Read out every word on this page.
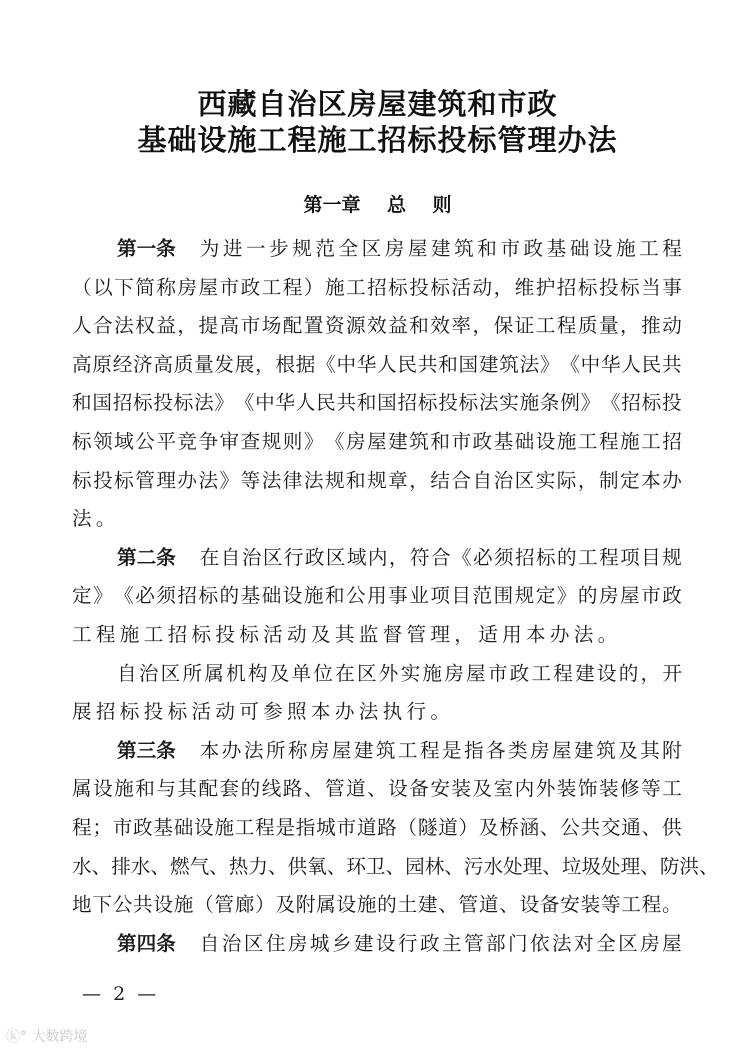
西藏自治区房屋建筑和市政
基础设施工程施工招标投标管理办法
第一章    总    则
第一条 为 进 一 步 规 范 全 区 房 屋 建 筑 和 市 政 基 础 设 施 工 程
（ 以 下 简 称 房 屋 市 政 工 程 ） 施 工 招 标 投 标 活 动 ， 维 护 招 标 投 标 当 事
人 合 法 权 益 ， 提 高 市 场 配 置 资 源 效 益 和 效 率 ， 保 证 工 程 质 量 ， 推 动
高 原 经 济 高 质 量 发 展 ， 根 据 《 中 华 人 民 共 和 国 建 筑 法 》 《 中 华 人 民 共
和 国 招 标 投 标 法 》 《 中 华 人 民 共 和 国 招 标 投 标 法 实 施 条 例 》 《 招 标 投
标 领 域 公 平 竞 争 审 查 规 则 》 《 房 屋 建 筑 和 市 政 基 础 设 施 工 程 施 工 招
标 投 标 管 理 办 法 》 等 法 律 法 规 和 规 章 ， 结 合 自 治 区 实 际 ， 制 定 本 办
法。
第二条 在 自 治 区 行 政 区 域 内 ， 符 合 《 必 须 招 标 的 工 程 项 目 规
定 》 《 必 须 招 标 的 基 础 设 施 和 公 用 事 业 项 目 范 围 规 定 》 的 房 屋 市 政
工程施工招标投标活动及其监督管理，适用本办法。
自 治 区 所 属 机 构 及 单 位 在 区 外 实 施 房 屋 市 政 工 程 建 设 的 ， 开
展招标投标活动可参照本办法执行。
第三条 本 办 法 所 称 房 屋 建 筑 工 程 是 指 各 类 房 屋 建 筑 及 其 附
属 设 施 和 与 其 配 套 的 线 路 、 管 道 、 设 备 安 装 及 室 内 外 装 饰 装 修 等 工
程 ； 市 政 基 础 设 施 工 程 是 指 城 市 道 路 （ 隧 道 ） 及 桥 涵 、 公 共 交 通 、 供
水 、 排 水 、 燃 气 、 热 力 、 供 氧 、 环 卫 、 园 林 、 污 水 处 理 、 垃 圾 处 理 、 防 洪 、
地 下 公 共 设 施 （ 管 廊 ） 及 附 属 设 施 的 土 建 、 管 道 、 设 备 安 装 等 工 程 。
第四条 自 治 区 住 房 城 乡 建 设 行 政 主 管 部 门 依 法 对 全 区 房 屋
—  2  —
ⓚ° 大数跨境
